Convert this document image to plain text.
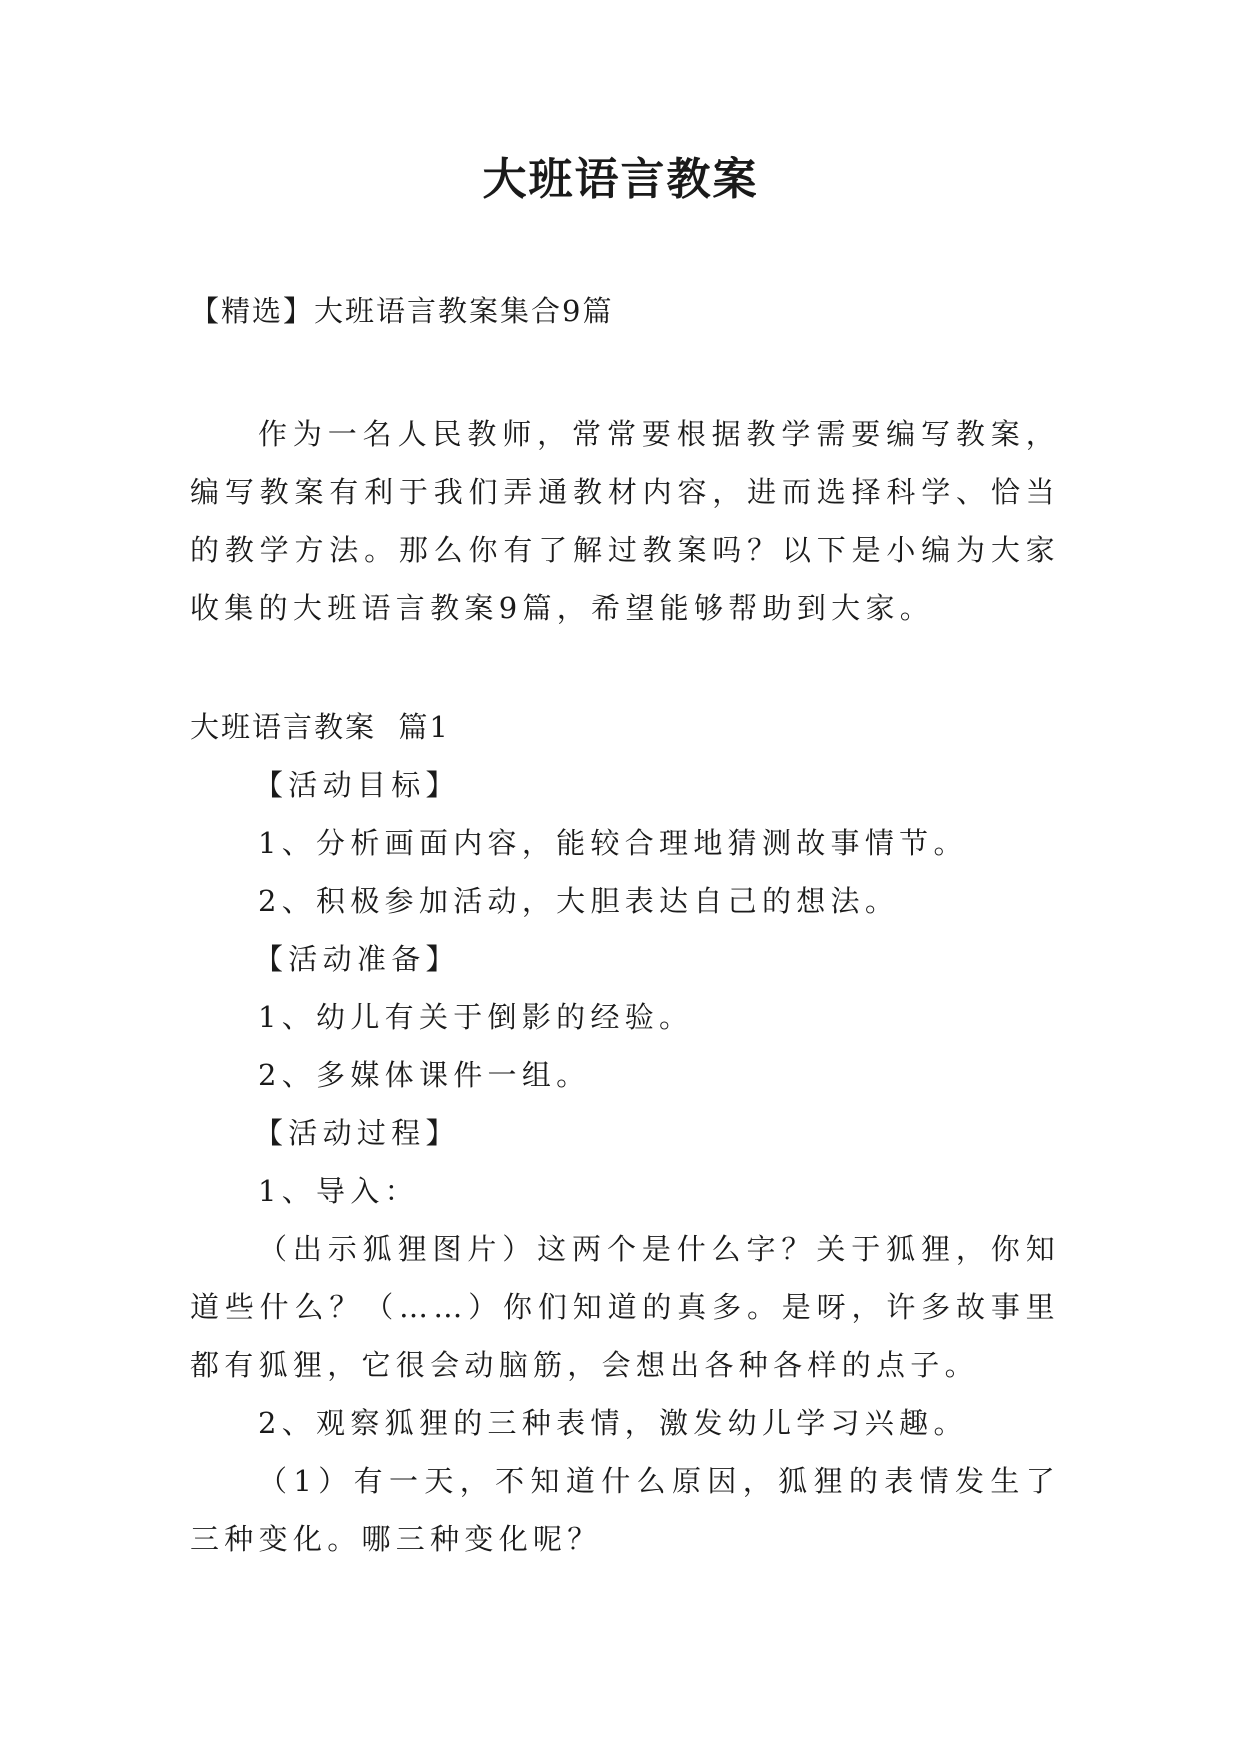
大班语言教案
【精选】大班语言教案集合9篇

作为一名人民教师，常常要根据教学需要编写教案，编写教案有利于我们弄通教材内容，进而选择科学、恰当的教学方法。那么你有了解过教案吗？以下是小编为大家收集的大班语言教案9篇，希望能够帮助到大家。

大班语言教案  篇1

【活动目标】

1、分析画面内容，能较合理地猜测故事情节。

2、积极参加活动，大胆表达自己的想法。

【活动准备】

1、幼儿有关于倒影的经验。

2、多媒体课件一组。

【活动过程】

1、导入：

（出示狐狸图片）这两个是什么字？关于狐狸，你知道些什么？（……）你们知道的真多。是呀，许多故事里都有狐狸，它很会动脑筋，会想出各种各样的点子。

2、观察狐狸的三种表情，激发幼儿学习兴趣。

（1）有一天，不知道什么原因，狐狸的表情发生了三种变化。哪三种变化呢？
